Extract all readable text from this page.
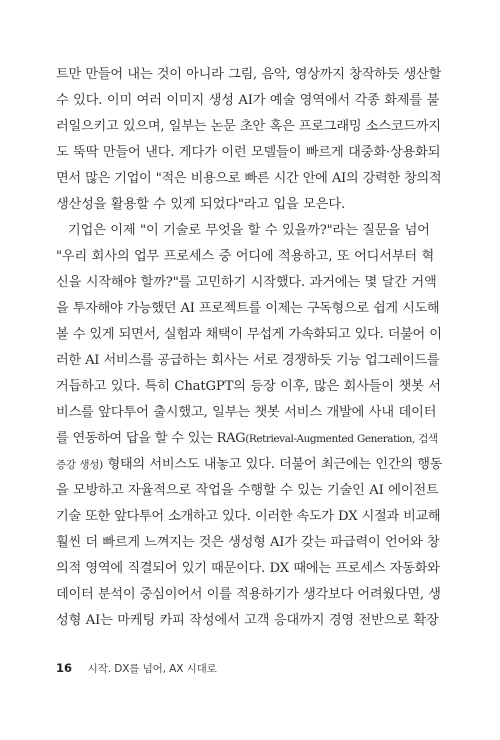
트만 만들어 내는 것이 아니라 그림, 음악, 영상까지 창작하듯 생산할
수 있다. 이미 여러 이미지 생성 AI가 예술 영역에서 각종 화제를 불
러일으키고 있으며, 일부는 논문 초안 혹은 프로그래밍 소스코드까지
도 뚝딱 만들어 낸다. 게다가 이런 모델들이 빠르게 대중화·상용화되
면서 많은 기업이 "적은 비용으로 빠른 시간 안에 AI의 강력한 창의적
생산성을 활용할 수 있게 되었다"라고 입을 모은다.
기업은 이제 "이 기술로 무엇을 할 수 있을까?"라는 질문을 넘어
"우리 회사의 업무 프로세스 중 어디에 적용하고, 또 어디서부터 혁
신을 시작해야 할까?"를 고민하기 시작했다. 과거에는 몇 달간 거액
을 투자해야 가능했던 AI 프로젝트를 이제는 구독형으로 쉽게 시도해
볼 수 있게 되면서, 실험과 채택이 무섭게 가속화되고 있다. 더불어 이
러한 AI 서비스를 공급하는 회사는 서로 경쟁하듯 기능 업그레이드를
거듭하고 있다. 특히 ChatGPT의 등장 이후, 많은 회사들이 챗봇 서
비스를 앞다투어 출시했고, 일부는 챗봇 서비스 개발에 사내 데이터
를 연동하여 답을 할 수 있는 RAG(Retrieval-Augmented Generation, 검색
증강 생성) 형태의 서비스도 내놓고 있다. 더불어 최근에는 인간의 행동
을 모방하고 자율적으로 작업을 수행할 수 있는 기술인 AI 에이전트
기술 또한 앞다투어 소개하고 있다. 이러한 속도가 DX 시절과 비교해
훨씬 더 빠르게 느껴지는 것은 생성형 AI가 갖는 파급력이 언어와 창
의적 영역에 직결되어 있기 때문이다. DX 때에는 프로세스 자동화와
데이터 분석이 중심이어서 이를 적용하기가 생각보다 어려웠다면, 생
성형 AI는 마케팅 카피 작성에서 고객 응대까지 경영 전반으로 확장
16 시작. DX를 넘어, AX 시대로
